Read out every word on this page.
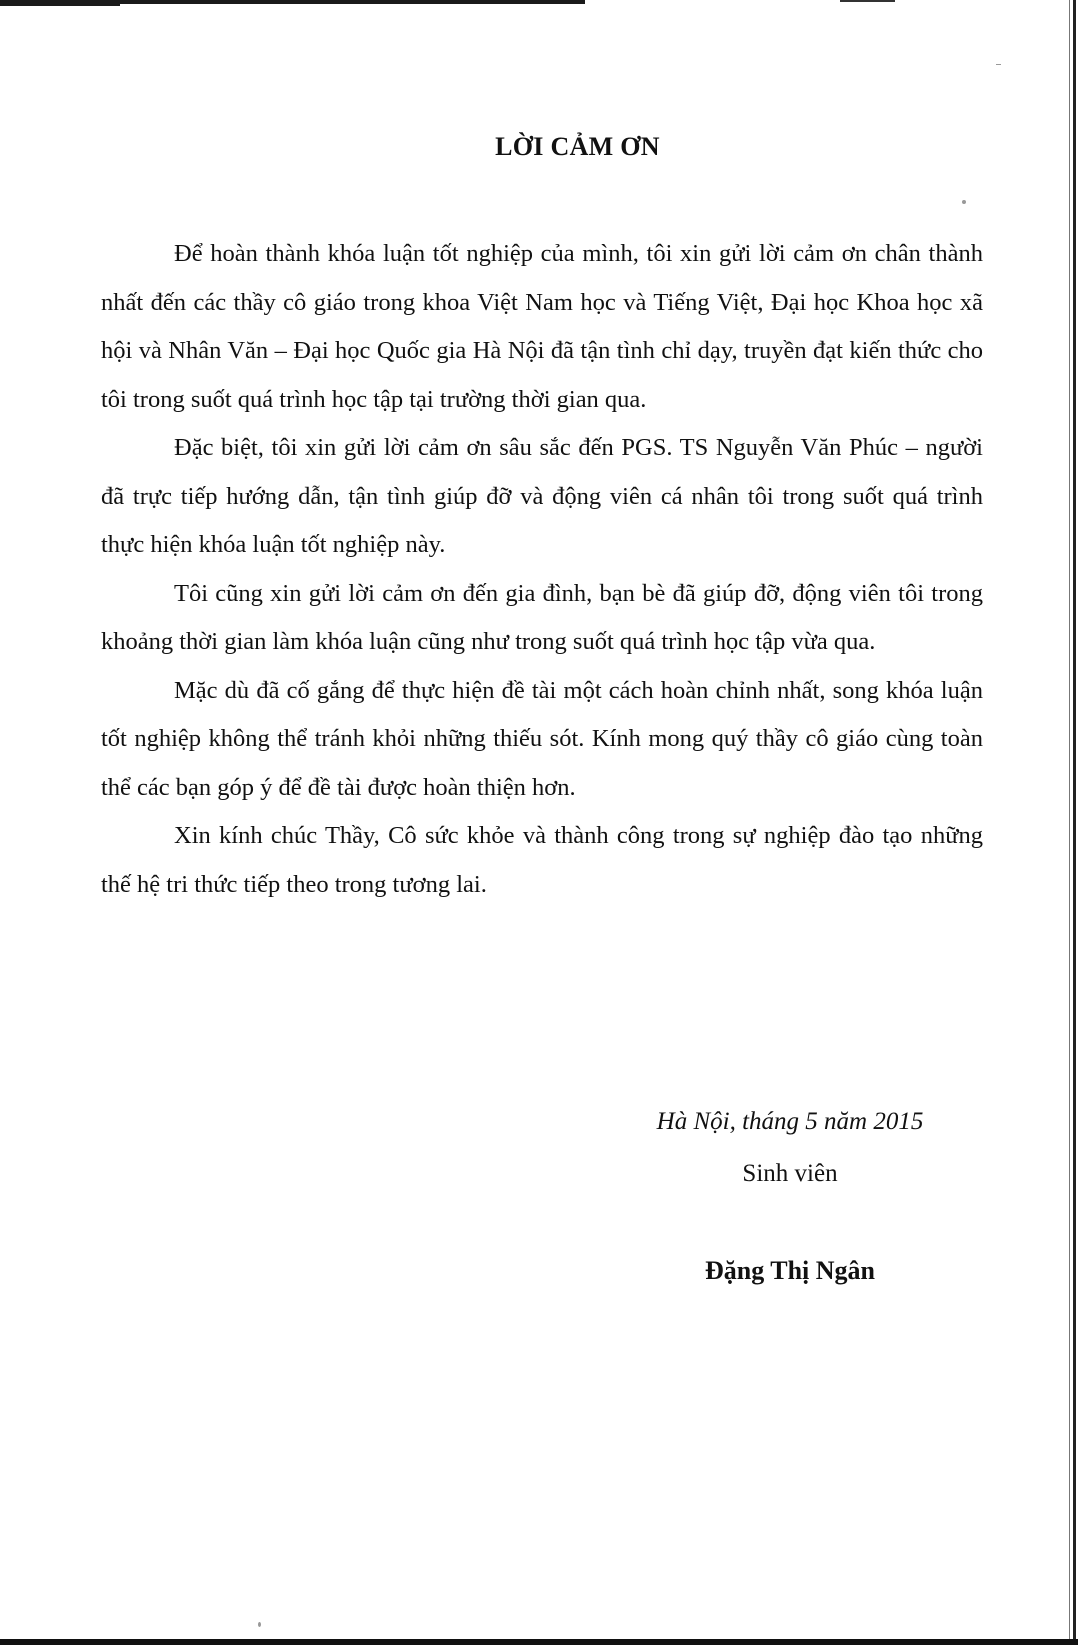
LỜI CẢM ƠN

Để hoàn thành khóa luận tốt nghiệp của mình, tôi xin gửi lời cảm ơn chân thành nhất đến các thầy cô giáo trong khoa Việt Nam học và Tiếng Việt, Đại học Khoa học xã hội và Nhân Văn – Đại học Quốc gia Hà Nội đã tận tình chỉ dạy, truyền đạt kiến thức cho tôi trong suốt quá trình học tập tại trường thời gian qua.

Đặc biệt, tôi xin gửi lời cảm ơn sâu sắc đến PGS. TS Nguyễn Văn Phúc – người đã trực tiếp hướng dẫn, tận tình giúp đỡ và động viên cá nhân tôi trong suốt quá trình thực hiện khóa luận tốt nghiệp này.

Tôi cũng xin gửi lời cảm ơn đến gia đình, bạn bè đã giúp đỡ, động viên tôi trong khoảng thời gian làm khóa luận cũng như trong suốt quá trình học tập vừa qua.

Mặc dù đã cố gắng để thực hiện đề tài một cách hoàn chỉnh nhất, song khóa luận tốt nghiệp không thể tránh khỏi những thiếu sót. Kính mong quý thầy cô giáo cùng toàn thể các bạn góp ý để đề tài được hoàn thiện hơn.

Xin kính chúc Thầy, Cô sức khỏe và thành công trong sự nghiệp đào tạo những thế hệ tri thức tiếp theo trong tương lai.

Hà Nội, tháng 5 năm 2015

Sinh viên

Đặng Thị Ngân
